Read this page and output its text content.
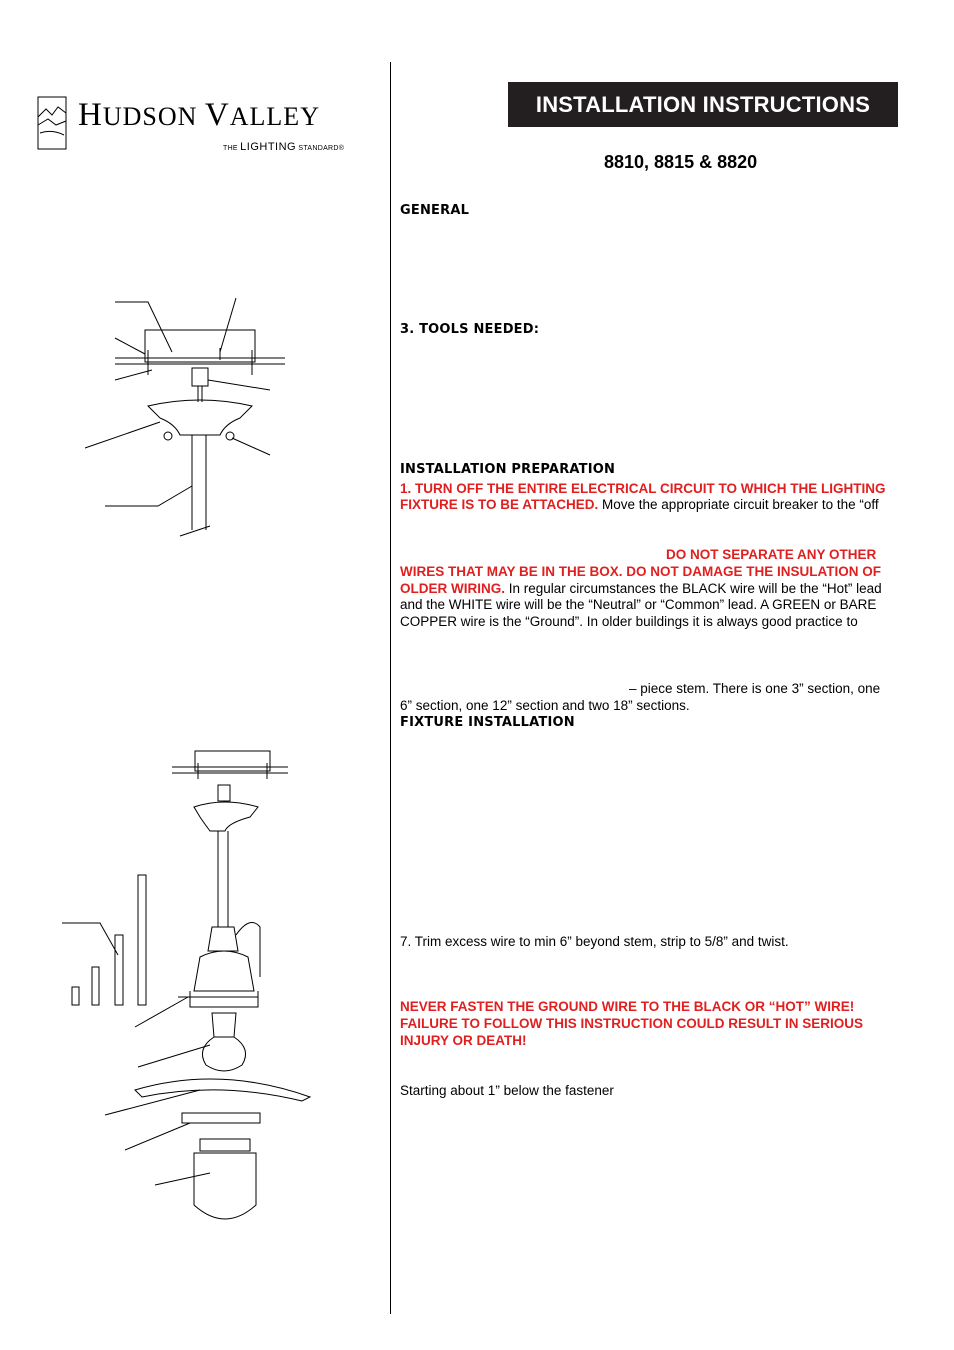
HUDSON VALLEY
THE LIGHTING STANDARD®
INSTALLATION INSTRUCTIONS
8810, 8815 & 8820
GENERAL
3. TOOLS NEEDED:
INSTALLATION PREPARATION
1. TURN OFF THE ENTIRE ELECTRICAL CIRCUIT TO WHICH THE LIGHTING
FIXTURE IS TO BE ATTACHED. Move the appropriate circuit breaker to the “off
DO NOT SEPARATE ANY OTHER
WIRES THAT MAY BE IN THE BOX. DO NOT DAMAGE THE INSULATION OF
OLDER WIRING. In regular circumstances the BLACK wire will be the “Hot” lead
and the WHITE wire will be the “Neutral” or “Common” lead. A GREEN or BARE
COPPER wire is the “Ground”. In older buildings it is always good practice to
– piece stem. There is one 3” section, one
6” section, one 12” section and two 18” sections.
FIXTURE INSTALLATION
7. Trim excess wire to min 6” beyond stem, strip to 5/8” and twist.
NEVER FASTEN THE GROUND WIRE TO THE BLACK OR “HOT” WIRE!
FAILURE TO FOLLOW THIS INSTRUCTION COULD RESULT IN SERIOUS
INJURY OR DEATH!
Starting about 1” below the fastener
